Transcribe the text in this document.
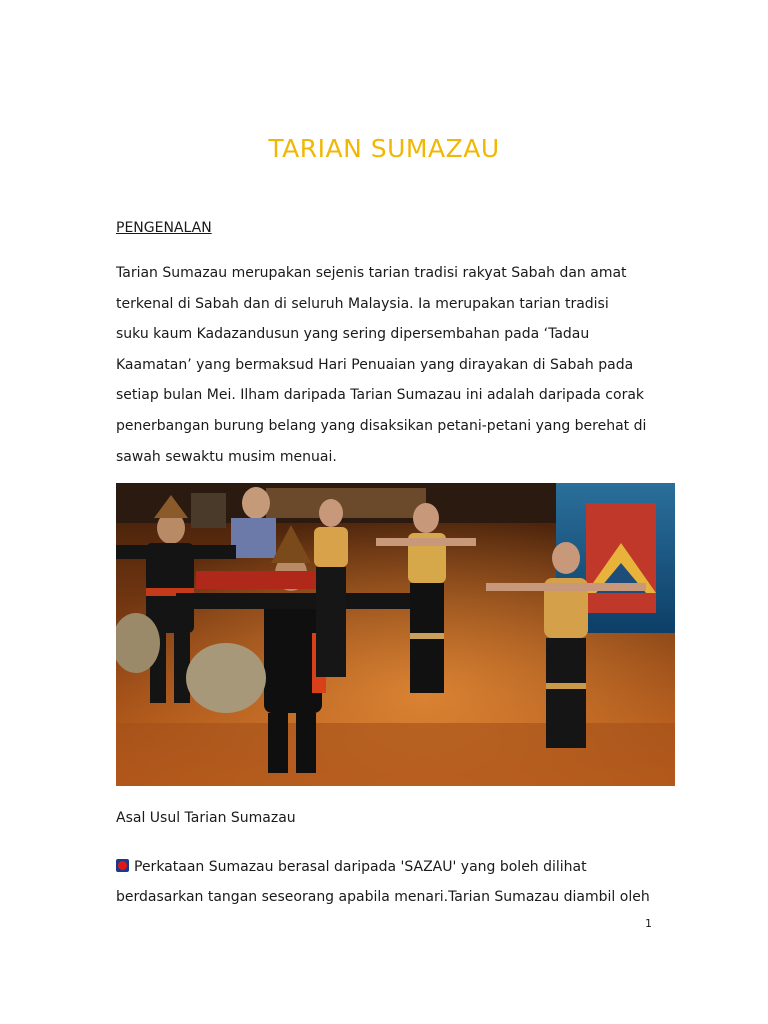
TARIAN SUMAZAU
PENGENALAN
Tarian Sumazau merupakan sejenis tarian tradisi rakyat Sabah dan amat
terkenal di Sabah dan di seluruh Malaysia. Ia merupakan tarian tradisi
suku kaum Kadazandusun yang sering dipersembahan pada ‘Tadau
Kaamatan’ yang bermaksud Hari Penuaian yang dirayakan di Sabah pada
setiap bulan Mei. Ilham daripada Tarian Sumazau ini adalah daripada corak
penerbangan burung belang yang disaksikan petani-petani yang berehat di
sawah sewaktu musim menuai.
Asal Usul Tarian Sumazau
Perkataan Sumazau berasal daripada 'SAZAU' yang boleh dilihat
berdasarkan tangan seseorang apabila menari.Tarian Sumazau diambil oleh
1
